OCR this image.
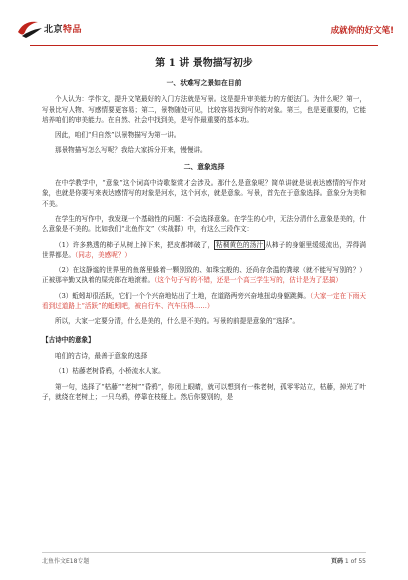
北京特品	成就你的好文笔!
第 1 讲 景物描写初步
一、状难写之景如在目前

个人认为：学作文，提升文笔最好的入门方法就是写景。这是提升审美能力的方便法门。为什么呢？第一，写景比写人物、写感情要更容易；第二，景物随处可见，比较容易找到写作的对象。第三，也是更重要的，它能培养咱们的审美能力。在自然、社会中找到美，是写作最重要的基本功。

因此，咱们“归自然”以景物描写为第一讲。

那景物描写怎么写呢？我给大家拆分开来，慢慢讲。

二、意象选择

在中学教学中，“意象”这个词高中诗歌鉴赏才会涉及。那什么是意象呢？简单讲就是说表达感情的写作对象，也就是你要写来表达感情写的对象是河水，这个河水，就是意象。写景，首先在于意象选择。意象分为美和不美。

在学生的写作中，我发现一个基础性的问题：不会选择意象。在学生的心中，无法分清什么意象是美的，什么意象是不美的。比如我们“北鱼作文”（实战群）中，有这么三段作文：

（1）许多熟透的柿子从树上掉下来，把皮都摔破了， 粘稠黄色的汤汁 从柿子的身躯里缓缓流出，弄得满世界都是。（同志，美感呢？）

（2）在这静谧的世界里的鱼落里躲着一颗别致的、如珠宝般的、还尚存余温的粪球（就不能写写别的？）正被那辛勤又执着的屎壳郎在地滚着。（这个句子写的不错，还是一个高三学生写的，估计是为了恶搞）

（3）蚯蚓却很活跃，它们一个个兴奋地钻出了土地，在道路两旁兴奋地扭动身躯跳舞。（大家一定在下雨天看到过道路上“活跃”的蚯蚓吧，被自行车、汽车压得……）

所以，大家一定要分清，什么是美的，什么是不美的。写景的前提是意象的“选择”。

【古诗中的意象】

咱们的古诗，最善于意象的选择

（1）枯藤老树昏鸦，小桥流水人家。

第一句，选择了“枯藤”“老树”“昏鸦”，你闭上眼睛，就可以想到有一株老树，孤零零站立，枯藤，掉光了叶子，就绕在老树上；一只乌鸦，停靠在枝桠上。然后你要别的，是

北鱼作文E18专题	页码 1 of 55
